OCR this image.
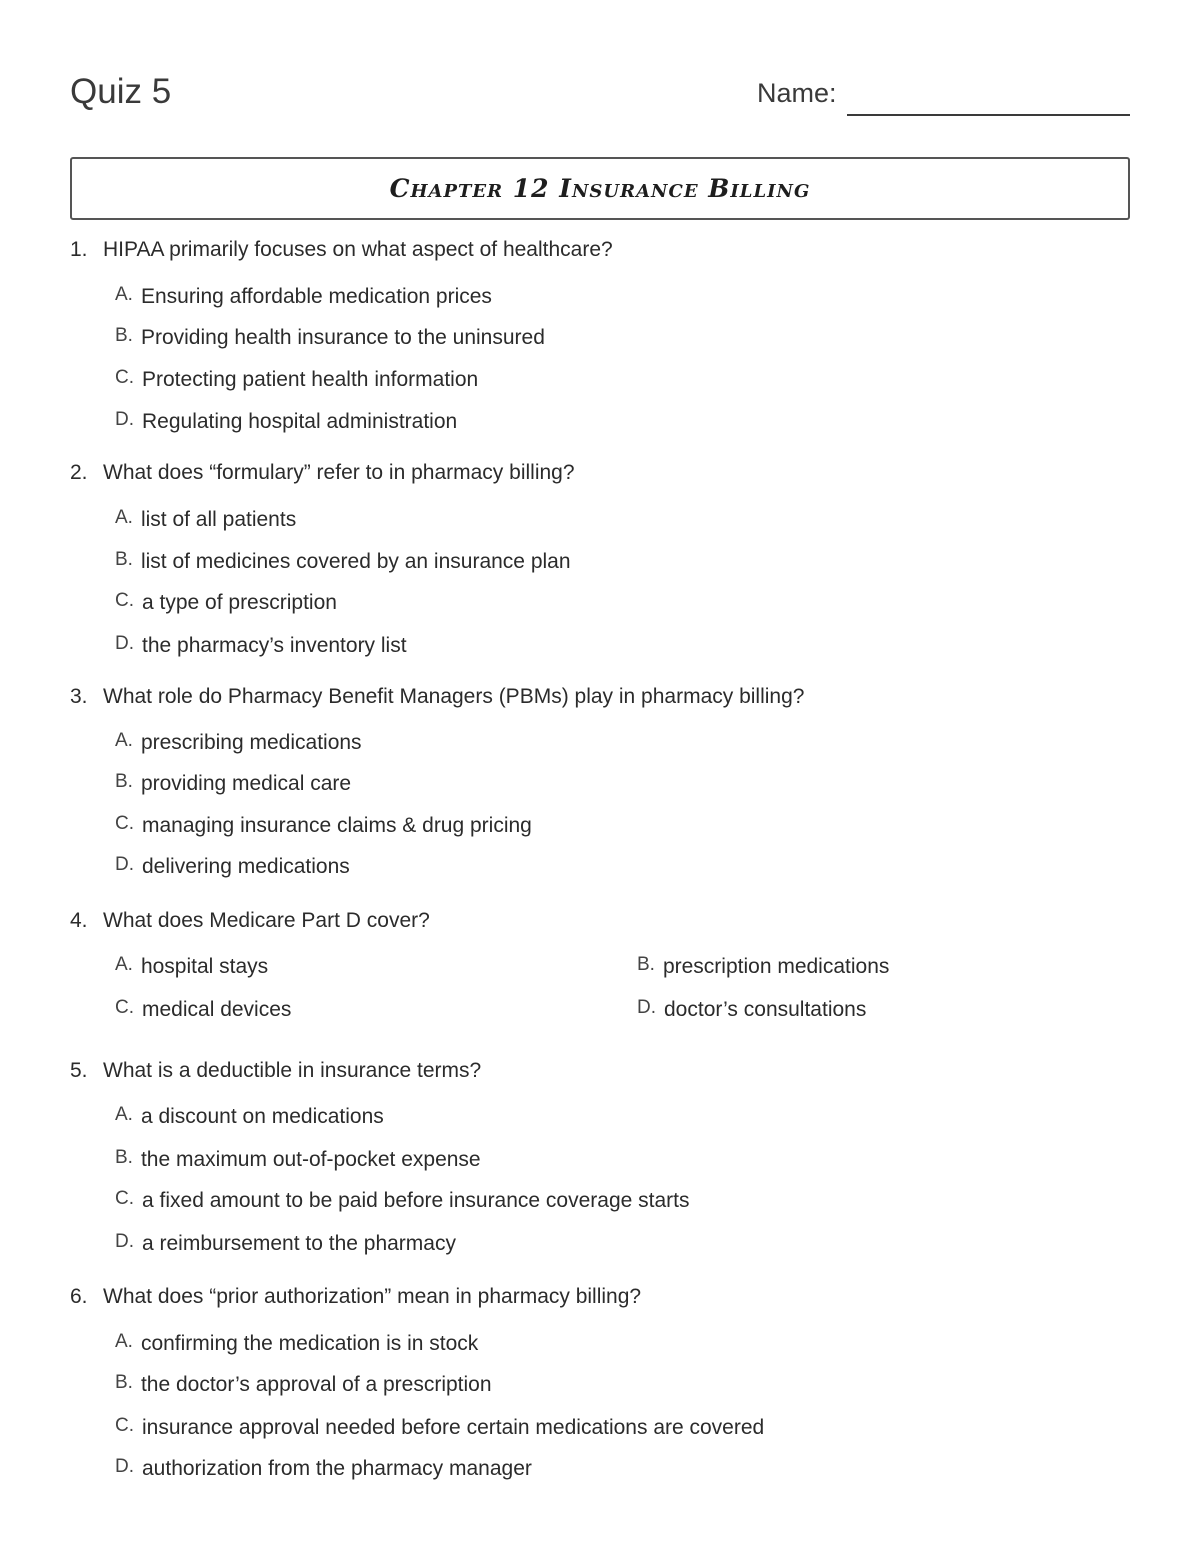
Quiz 5	Name:
Chapter 12 Insurance Billing
1. HIPAA primarily focuses on what aspect of healthcare?
A. Ensuring affordable medication prices
B. Providing health insurance to the uninsured
C. Protecting patient health information
D. Regulating hospital administration
2. What does “formulary” refer to in pharmacy billing?
A. list of all patients
B. list of medicines covered by an insurance plan
C. a type of prescription
D. the pharmacy’s inventory list
3. What role do Pharmacy Benefit Managers (PBMs) play in pharmacy billing?
A. prescribing medications
B. providing medical care
C. managing insurance claims & drug pricing
D. delivering medications
4. What does Medicare Part D cover?
A. hospital stays	B. prescription medications
C. medical devices	D. doctor’s consultations
5. What is a deductible in insurance terms?
A. a discount on medications
B. the maximum out-of-pocket expense
C. a fixed amount to be paid before insurance coverage starts
D. a reimbursement to the pharmacy
6. What does “prior authorization” mean in pharmacy billing?
A. confirming the medication is in stock
B. the doctor’s approval of a prescription
C. insurance approval needed before certain medications are covered
D. authorization from the pharmacy manager
